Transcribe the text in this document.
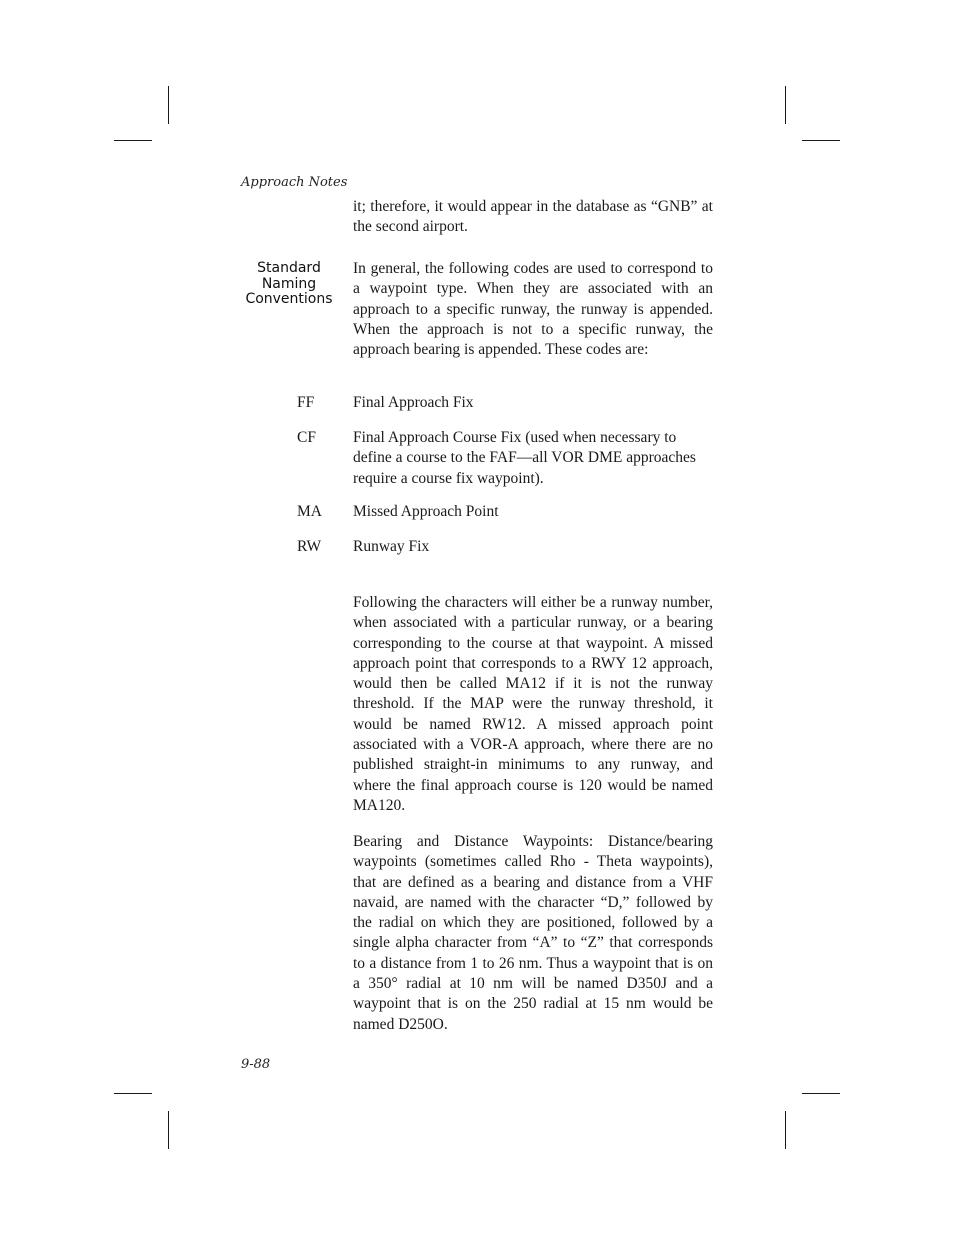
Approach Notes

it; therefore, it would appear in the database as “GNB” at the second airport.

Standard Naming Conventions

In general, the following codes are used to correspond to a waypoint type. When they are associated with an approach to a specific runway, the runway is appended. When the approach is not to a specific runway, the approach bearing is appended. These codes are:

FF	Final Approach Fix

CF Final Approach Course Fix (used when necessary to define a course to the FAF—all VOR DME approaches require a course fix waypoint).

MA Missed Approach Point

RW Runway Fix

Following the characters will either be a runway number, when associated with a particular runway, or a bearing corresponding to the course at that waypoint. A missed approach point that corresponds to a RWY 12 approach, would then be called MA12 if it is not the runway threshold. If the MAP were the runway threshold, it would be named RW12. A missed approach point associated with a VOR-A approach, where there are no published straight-in minimums to any runway, and where the final approach course is 120 would be named MA120.

Bearing and Distance Waypoints: Distance/bearing waypoints (sometimes called Rho - Theta waypoints), that are defined as a bearing and distance from a VHF navaid, are named with the character “D,” followed by the radial on which they are positioned, followed by a single alpha character from “A” to “Z” that corresponds to a distance from 1 to 26 nm. Thus a waypoint that is on a 350° radial at 10 nm will be named D350J and a waypoint that is on the 250 radial at 15 nm would be named D250O.

9-88
